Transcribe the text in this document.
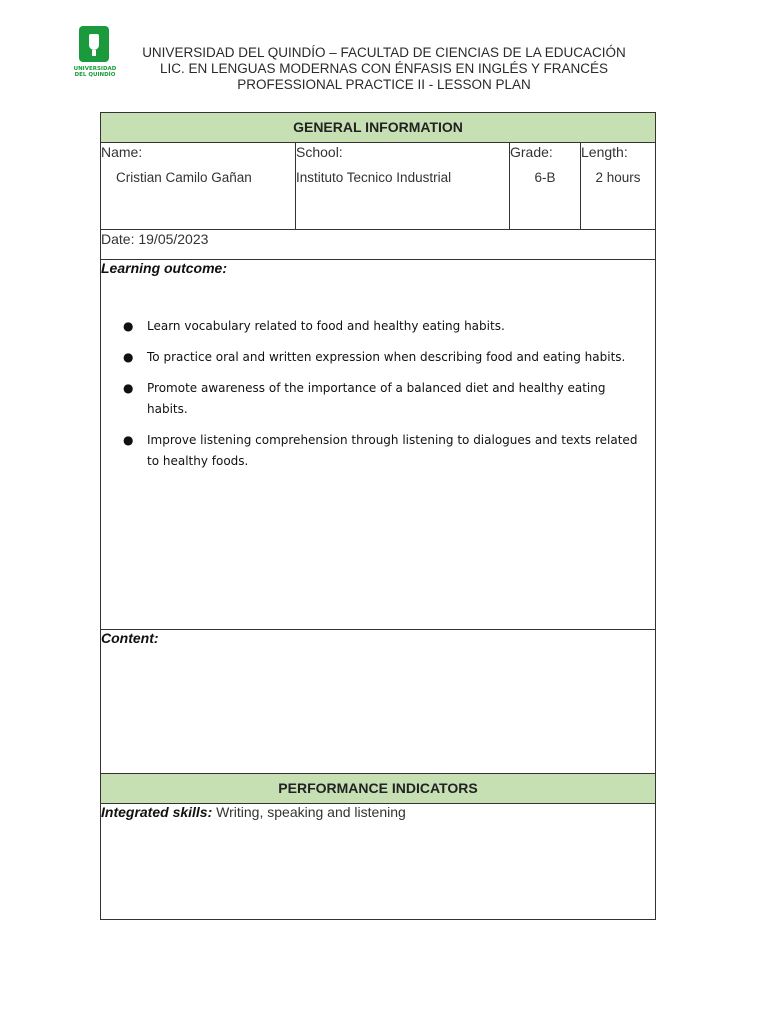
UNIVERSIDAD
DEL QUINDÍO
UNIVERSIDAD DEL QUINDÍO – FACULTAD DE CIENCIAS DE LA EDUCACIÓN
LIC. EN LENGUAS MODERNAS CON ÉNFASIS EN INGLÉS Y FRANCÉS
PROFESSIONAL PRACTICE II - LESSON PLAN
GENERAL INFORMATION

Name:
Cristian Camilo Gañan

School:
Instituto Tecnico Industrial

Grade:
6-B

Length:
2 hours

Date: 19/05/2023
Learning outcome:
● Learn vocabulary related to food and healthy eating habits.
● To practice oral and written expression when describing food and eating habits.
● Promote awareness of the importance of a balanced diet and healthy eating habits.
● Improve listening comprehension through listening to dialogues and texts related to healthy foods.

Content:
PERFORMANCE INDICATORS
Integrated skills: Writing, speaking and listening
